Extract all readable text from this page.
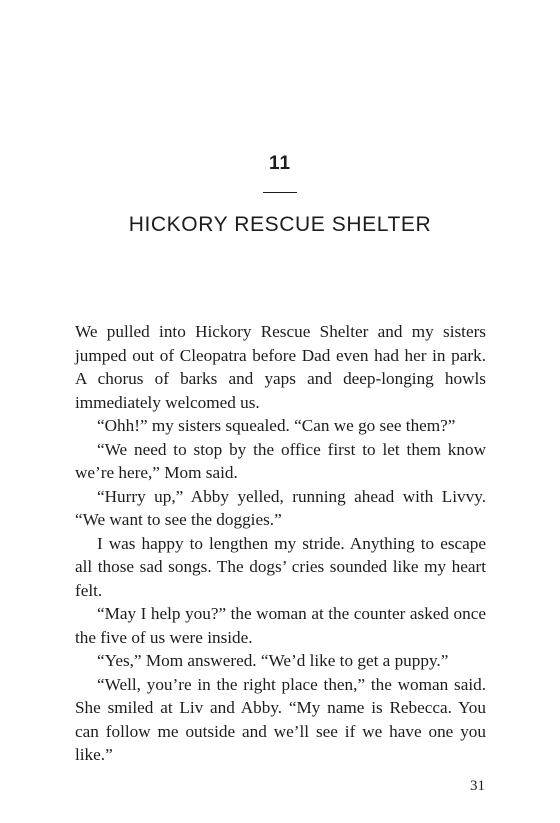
11
HICKORY RESCUE SHELTER

We pulled into Hickory Rescue Shelter and my sisters jumped out of Cleopatra before Dad even had her in park. A chorus of barks and yaps and deep-longing howls immediately welcomed us.

“Ohh!” my sisters squealed. “Can we go see them?”

“We need to stop by the office first to let them know we’re here,” Mom said.

“Hurry up,” Abby yelled, running ahead with Livvy. “We want to see the doggies.”

I was happy to lengthen my stride. Anything to escape all those sad songs. The dogs’ cries sounded like my heart felt.

“May I help you?” the woman at the counter asked once the five of us were inside.

“Yes,” Mom answered. “We’d like to get a puppy.”

“Well, you’re in the right place then,” the woman said. She smiled at Liv and Abby. “My name is Rebecca. You can follow me outside and we’ll see if we have one you like.”

31
